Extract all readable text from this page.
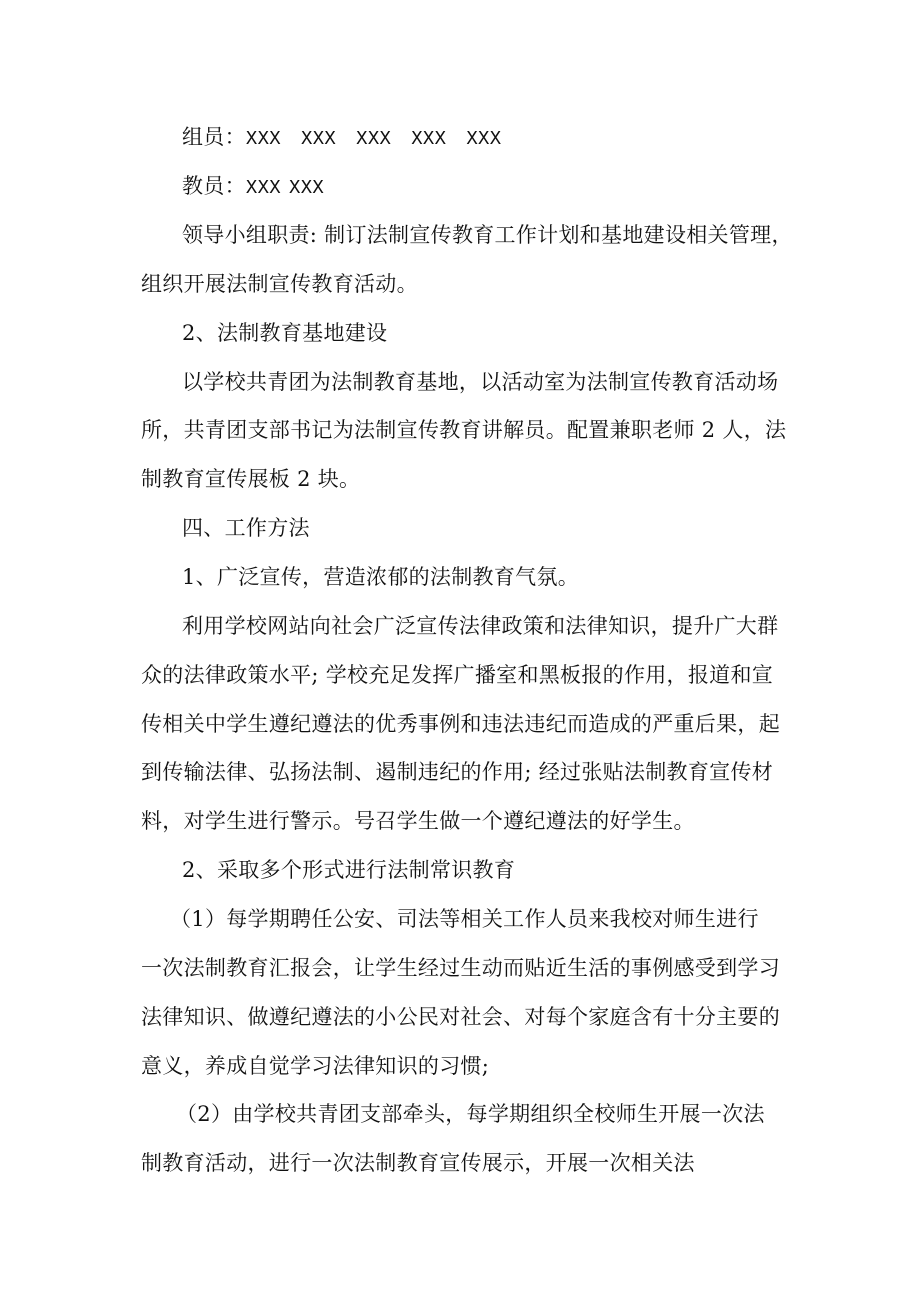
组员：XXX XXX XXX XXX XXX
教员：XXX XXX
领导小组职责: 制订法制宣传教育工作计划和基地建设相关管理，
组织开展法制宣传教育活动。
2、法制教育基地建设
以学校共青团为法制教育基地，以活动室为法制宣传教育活动场
所，共青团支部书记为法制宣传教育讲解员。配置兼职老师 2 人，法
制教育宣传展板 2 块。
四、工作方法
1、广泛宣传，营造浓郁的法制教育气氛。
利用学校网站向社会广泛宣传法律政策和法律知识，提升广大群
众的法律政策水平; 学校充足发挥广播室和黑板报的作用，报道和宣
传相关中学生遵纪遵法的优秀事例和违法违纪而造成的严重后果，起
到传输法律、弘扬法制、遏制违纪的作用; 经过张贴法制教育宣传材
料，对学生进行警示。号召学生做一个遵纪遵法的好学生。
2、采取多个形式进行法制常识教育
（1）每学期聘任公安、司法等相关工作人员来我校对师生进行
一次法制教育汇报会，让学生经过生动而贴近生活的事例感受到学习
法律知识、做遵纪遵法的小公民对社会、对每个家庭含有十分主要的
意义，养成自觉学习法律知识的习惯;
（2）由学校共青团支部牵头，每学期组织全校师生开展一次法
制教育活动，进行一次法制教育宣传展示，开展一次相关法
